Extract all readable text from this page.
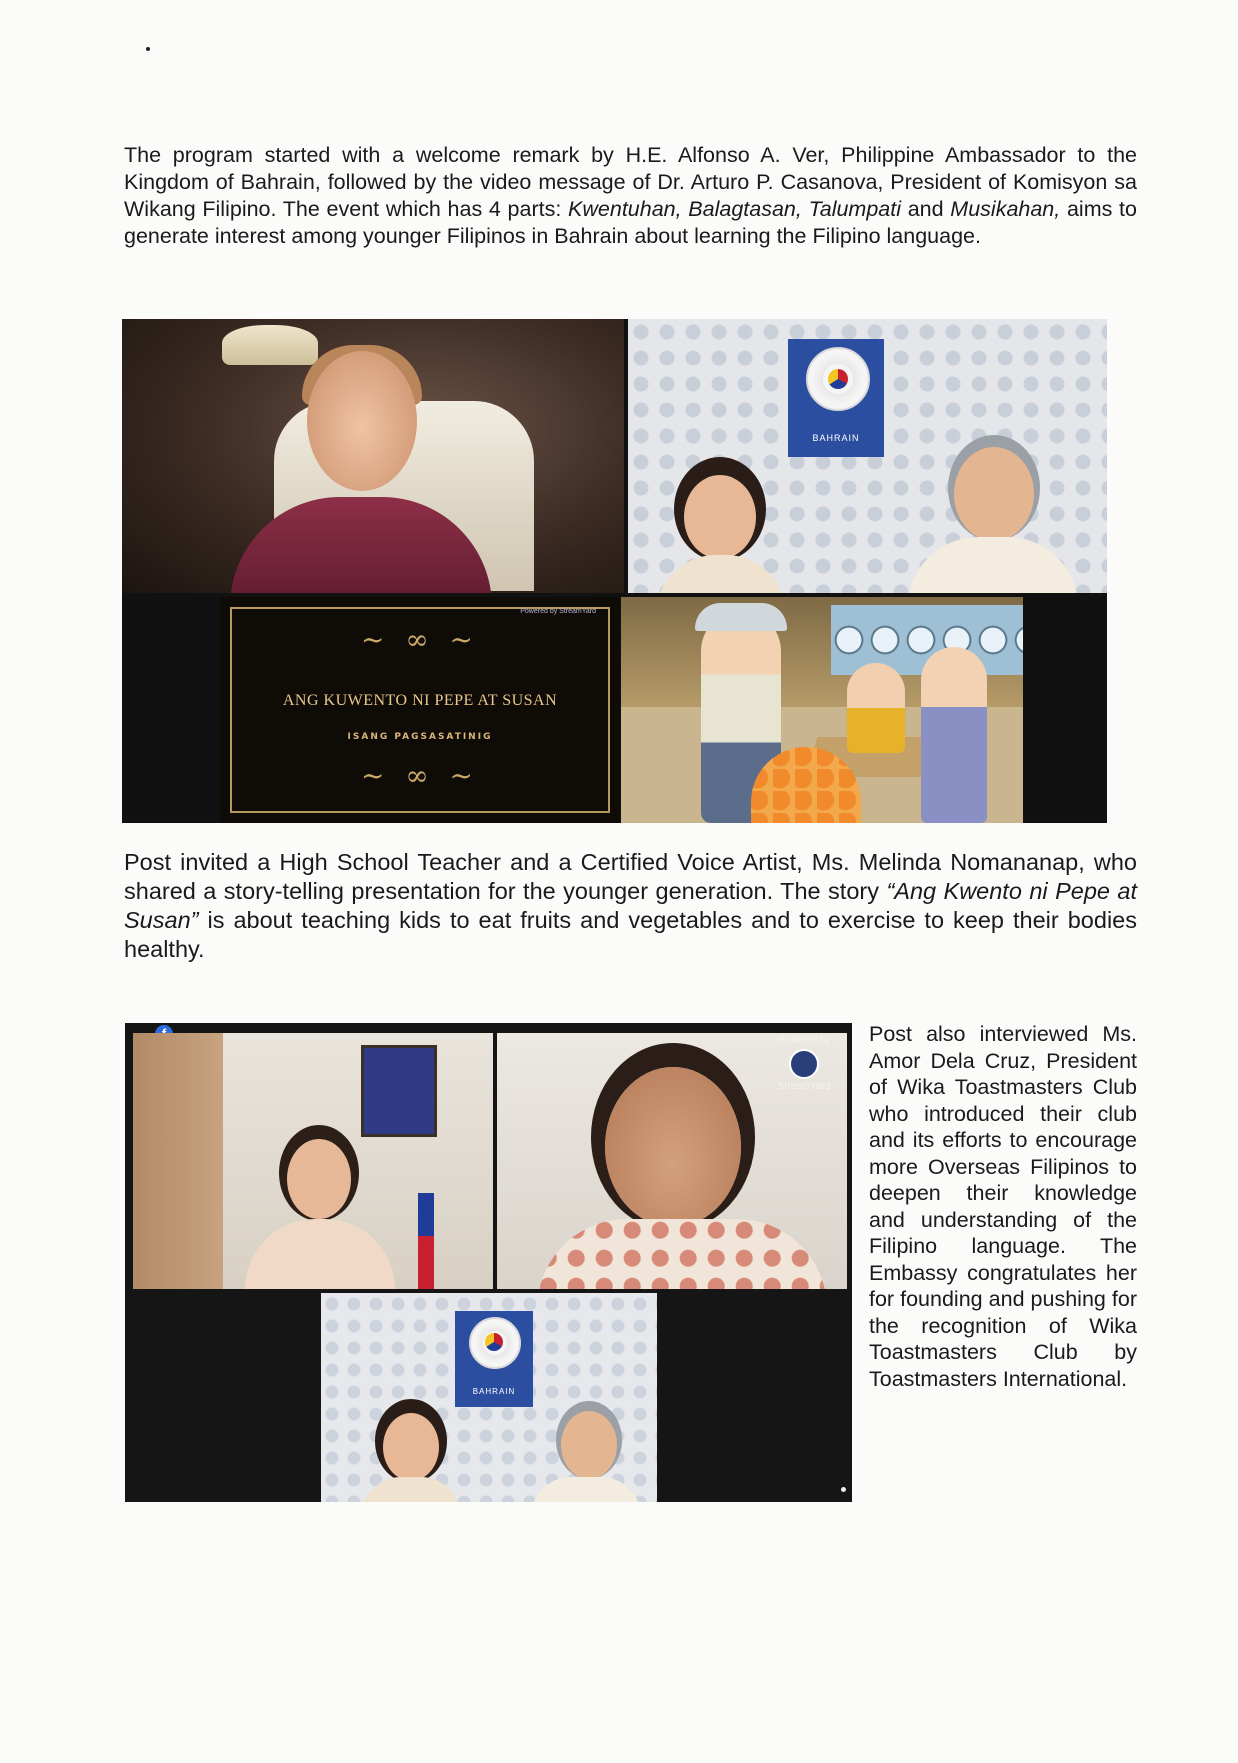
The program started with a welcome remark by H.E. Alfonso A. Ver, Philippine Ambassador to the Kingdom of Bahrain, followed by the video message of Dr. Arturo P. Casanova, President of Komisyon sa Wikang Filipino. The event which has 4 parts: Kwentuhan, Balagtasan, Talumpati and Musikahan, aims to generate interest among younger Filipinos in Bahrain about learning the Filipino language.

BAHRAIN
~ ∞ ~
ANG KUWENTO NI PEPE AT SUSAN
ISANG PAGSASATINIG
~ ∞ ~
Powered by StreamYard

Post invited a High School Teacher and a Certified Voice Artist, Ms. Melinda Nomananap, who shared a story-telling presentation for the younger generation. The story “Ang Kwento ni Pepe at Susan” is about teaching kids to eat fruits and vegetables and to exercise to keep their bodies healthy.

Powered by
StreamYard
BAHRAIN

Post also interviewed Ms. Amor Dela Cruz, President of Wika Toastmasters Club who introduced their club and its efforts to encourage more Overseas Filipinos to deepen their knowledge and understanding of the Filipino language. The Embassy congratulates her for founding and pushing for the recognition of Wika Toastmasters Club by Toastmasters International.
